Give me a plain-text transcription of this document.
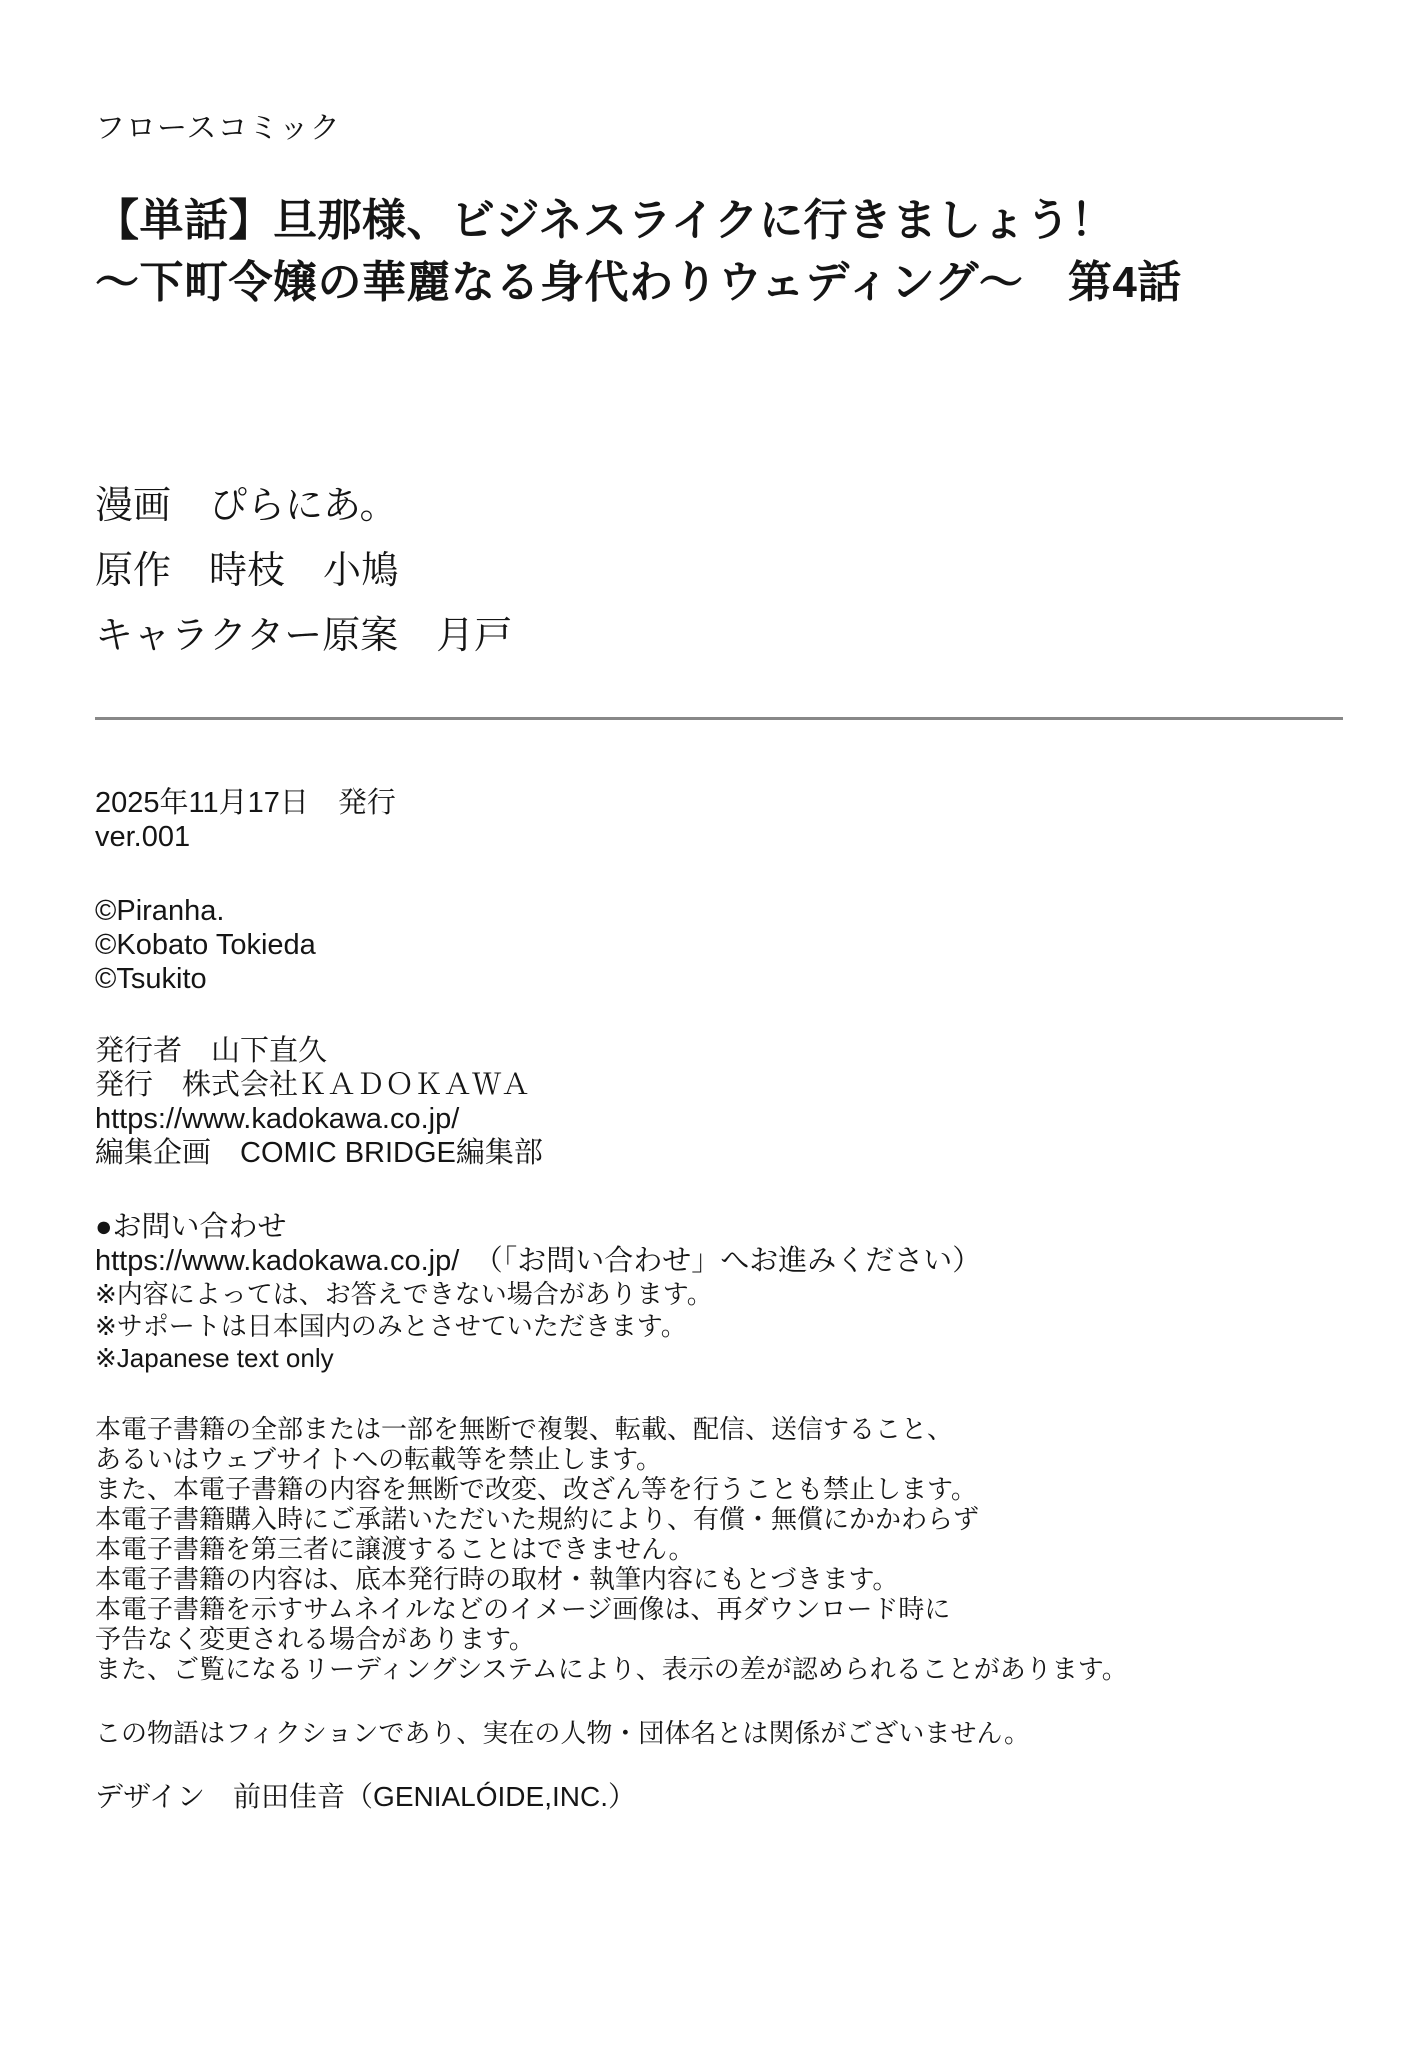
フロースコミック
【単話】旦那様、ビジネスライクに行きましょう！
～下町令嬢の華麗なる身代わりウェディング～　第4話
漫画　ぴらにあ。
原作　時枝　小鳩
キャラクター原案　月戸
2025年11月17日　発行
ver.001
©Piranha.
©Kobato Tokieda
©Tsukito
発行者　山下直久
発行　株式会社ＫＡＤＯＫＡＷＡ
https://www.kadokawa.co.jp/
編集企画　COMIC BRIDGE編集部
●お問い合わせ
https://www.kadokawa.co.jp/　（「お問い合わせ」へお進みください）
※内容によっては、お答えできない場合があります。
※サポートは日本国内のみとさせていただきます。
※Japanese text only
本電子書籍の全部または一部を無断で複製、転載、配信、送信すること、
あるいはウェブサイトへの転載等を禁止します。
また、本電子書籍の内容を無断で改変、改ざん等を行うことも禁止します。
本電子書籍購入時にご承諾いただいた規約により、有償・無償にかかわらず
本電子書籍を第三者に譲渡することはできません。
本電子書籍の内容は、底本発行時の取材・執筆内容にもとづきます。
本電子書籍を示すサムネイルなどのイメージ画像は、再ダウンロード時に
予告なく変更される場合があります。
また、ご覧になるリーディングシステムにより、表示の差が認められることがあります。
この物語はフィクションであり、実在の人物・団体名とは関係がございません。
デザイン　前田佳音（GENIALÓIDE,INC.）
